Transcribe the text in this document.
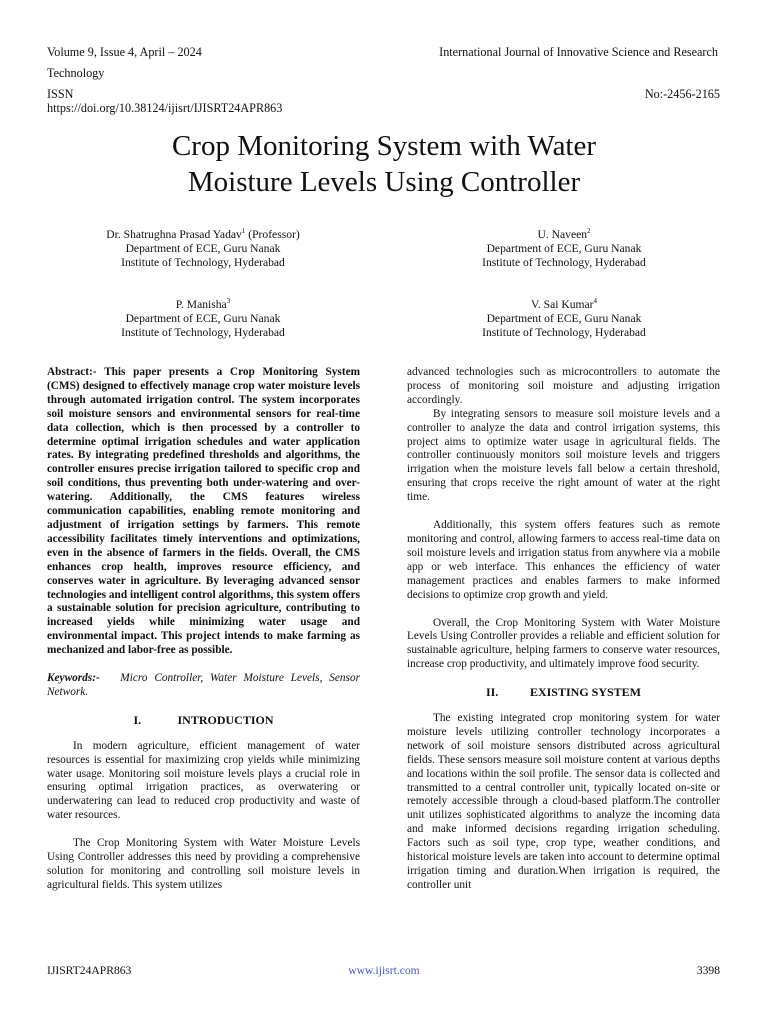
Volume 9, Issue 4, April – 2024	International Journal of Innovative Science and Research
Technology
ISSN	No:-2456-2165
https://doi.org/10.38124/ijisrt/IJISRT24APR863
Crop Monitoring System with Water
Moisture Levels Using Controller
Dr. Shatrughna Prasad Yadav$^1$ (Professor)
Department of ECE, Guru Nanak
Institute of Technology, Hyderabad
U. Naveen$^2$
Department of ECE, Guru Nanak
Institute of Technology, Hyderabad
P. Manisha$^3$
Department of ECE, Guru Nanak
Institute of Technology, Hyderabad
V. Sai Kumar$^4$
Department of ECE, Guru Nanak
Institute of Technology, Hyderabad

Abstract:- This paper presents a Crop Monitoring System (CMS) designed to effectively manage crop water moisture levels through automated irrigation control. The system incorporates soil moisture sensors and environmental sensors for real-time data collection, which is then processed by a controller to determine optimal irrigation schedules and water application rates. By integrating predefined thresholds and algorithms, the controller ensures precise irrigation tailored to specific crop and soil conditions, thus preventing both under-watering and over-watering. Additionally, the CMS features wireless communication capabilities, enabling remote monitoring and adjustment of irrigation settings by farmers. This remote accessibility facilitates timely interventions and optimizations, even in the absence of farmers in the fields. Overall, the CMS enhances crop health, improves resource efficiency, and conserves water in agriculture. By leveraging advanced sensor technologies and intelligent control algorithms, this system offers a sustainable solution for precision agriculture, contributing to increased yields while minimizing water usage and environmental impact. This project intends to make farming as mechanized and labor-free as possible.

Keywords:- Micro Controller, Water Moisture Levels, Sensor Network.

I.	INTRODUCTION

In modern agriculture, efficient management of water resources is essential for maximizing crop yields while minimizing water usage. Monitoring soil moisture levels plays a crucial role in ensuring optimal irrigation practices, as overwatering or underwatering can lead to reduced crop productivity and waste of water resources.

The Crop Monitoring System with Water Moisture Levels Using Controller addresses this need by providing a comprehensive solution for monitoring and controlling soil moisture levels in agricultural fields. This system utilizes

advanced technologies such as microcontrollers to automate the process of monitoring soil moisture and adjusting irrigation accordingly.

By integrating sensors to measure soil moisture levels and a controller to analyze the data and control irrigation systems, this project aims to optimize water usage in agricultural fields. The controller continuously monitors soil moisture levels and triggers irrigation when the moisture levels fall below a certain threshold, ensuring that crops receive the right amount of water at the right time.

Additionally, this system offers features such as remote monitoring and control, allowing farmers to access real-time data on soil moisture levels and irrigation status from anywhere via a mobile app or web interface. This enhances the efficiency of water management practices and enables farmers to make informed decisions to optimize crop growth and yield.

Overall, the Crop Monitoring System with Water Moisture Levels Using Controller provides a reliable and efficient solution for sustainable agriculture, helping farmers to conserve water resources, increase crop productivity, and ultimately improve food security.

II.	EXISTING SYSTEM

The existing integrated crop monitoring system for water moisture levels utilizing controller technology incorporates a network of soil moisture sensors distributed across agricultural fields. These sensors measure soil moisture content at various depths and locations within the soil profile. The sensor data is collected and transmitted to a central controller unit, typically located on-site or remotely accessible through a cloud-based platform.The controller unit utilizes sophisticated algorithms to analyze the incoming data and make informed decisions regarding irrigation scheduling. Factors such as soil type, crop type, weather conditions, and historical moisture levels are taken into account to determine optimal irrigation timing and duration.When irrigation is required, the controller unit

IJISRT24APR863	www.ijisrt.com	3398
